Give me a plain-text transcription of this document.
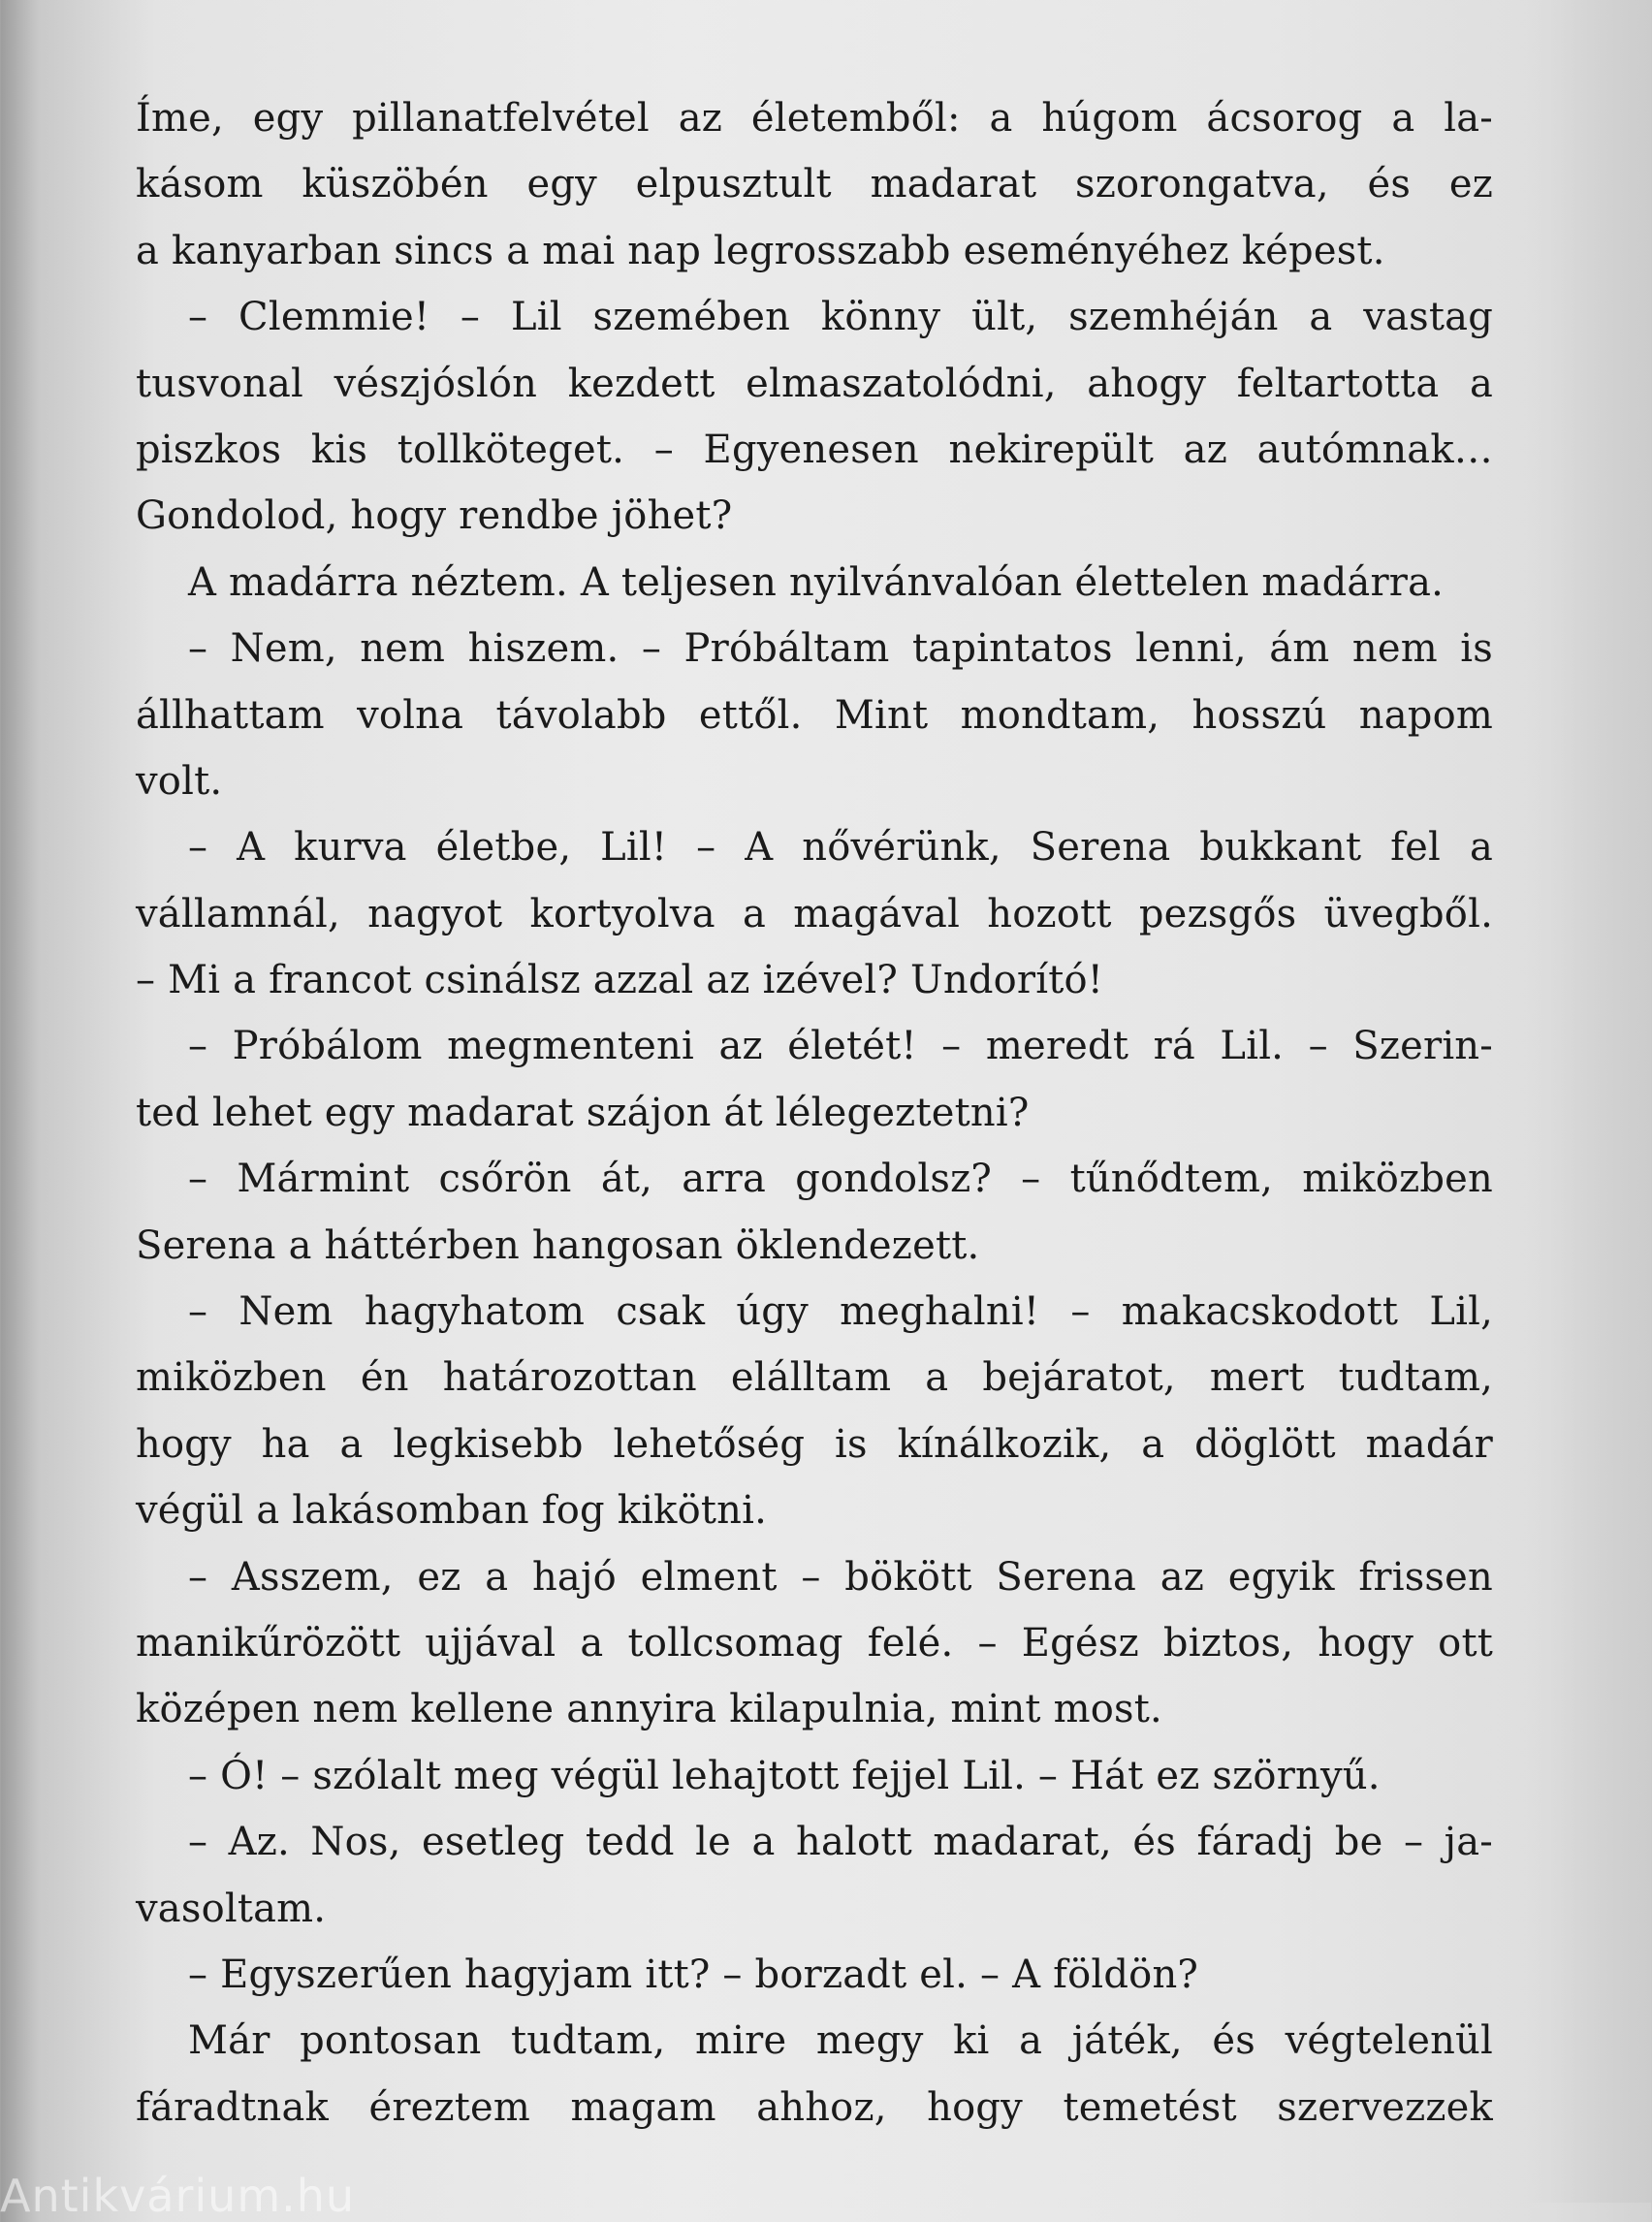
Íme, egy pillanatfelvétel az életemből: a húgom ácsorog a la-
kásom küszöbén egy elpusztult madarat szorongatva, és ez
a kanyarban sincs a mai nap legrosszabb eseményéhez képest.
– Clemmie! – Lil szemében könny ült, szemhéján a vastag
tusvonal vészjóslón kezdett elmaszatolódni, ahogy feltartotta a
piszkos kis tollköteget. – Egyenesen nekirepült az autómnak…
Gondolod, hogy rendbe jöhet?
A madárra néztem. A teljesen nyilvánvalóan élettelen madárra.
– Nem, nem hiszem. – Próbáltam tapintatos lenni, ám nem is
állhattam volna távolabb ettől. Mint mondtam, hosszú napom
volt.
– A kurva életbe, Lil! – A nővérünk, Serena bukkant fel a
vállamnál, nagyot kortyolva a magával hozott pezsgős üvegből.
– Mi a francot csinálsz azzal az izével? Undorító!
– Próbálom megmenteni az életét! – meredt rá Lil. – Szerin-
ted lehet egy madarat szájon át lélegeztetni?
– Mármint csőrön át, arra gondolsz? – tűnődtem, miközben
Serena a háttérben hangosan öklendezett.
– Nem hagyhatom csak úgy meghalni! – makacskodott Lil,
miközben én határozottan elálltam a bejáratot, mert tudtam,
hogy ha a legkisebb lehetőség is kínálkozik, a döglött madár
végül a lakásomban fog kikötni.
– Asszem, ez a hajó elment – bökött Serena az egyik frissen
manikűrözött ujjával a tollcsomag felé. – Egész biztos, hogy ott
középen nem kellene annyira kilapulnia, mint most.
– Ó! – szólalt meg végül lehajtott fejjel Lil. – Hát ez szörnyű.
– Az. Nos, esetleg tedd le a halott madarat, és fáradj be – ja-
vasoltam.
– Egyszerűen hagyjam itt? – borzadt el. – A földön?
Már pontosan tudtam, mire megy ki a játék, és végtelenül
fáradtnak éreztem magam ahhoz, hogy temetést szervezzek
Antikvárium.hu
